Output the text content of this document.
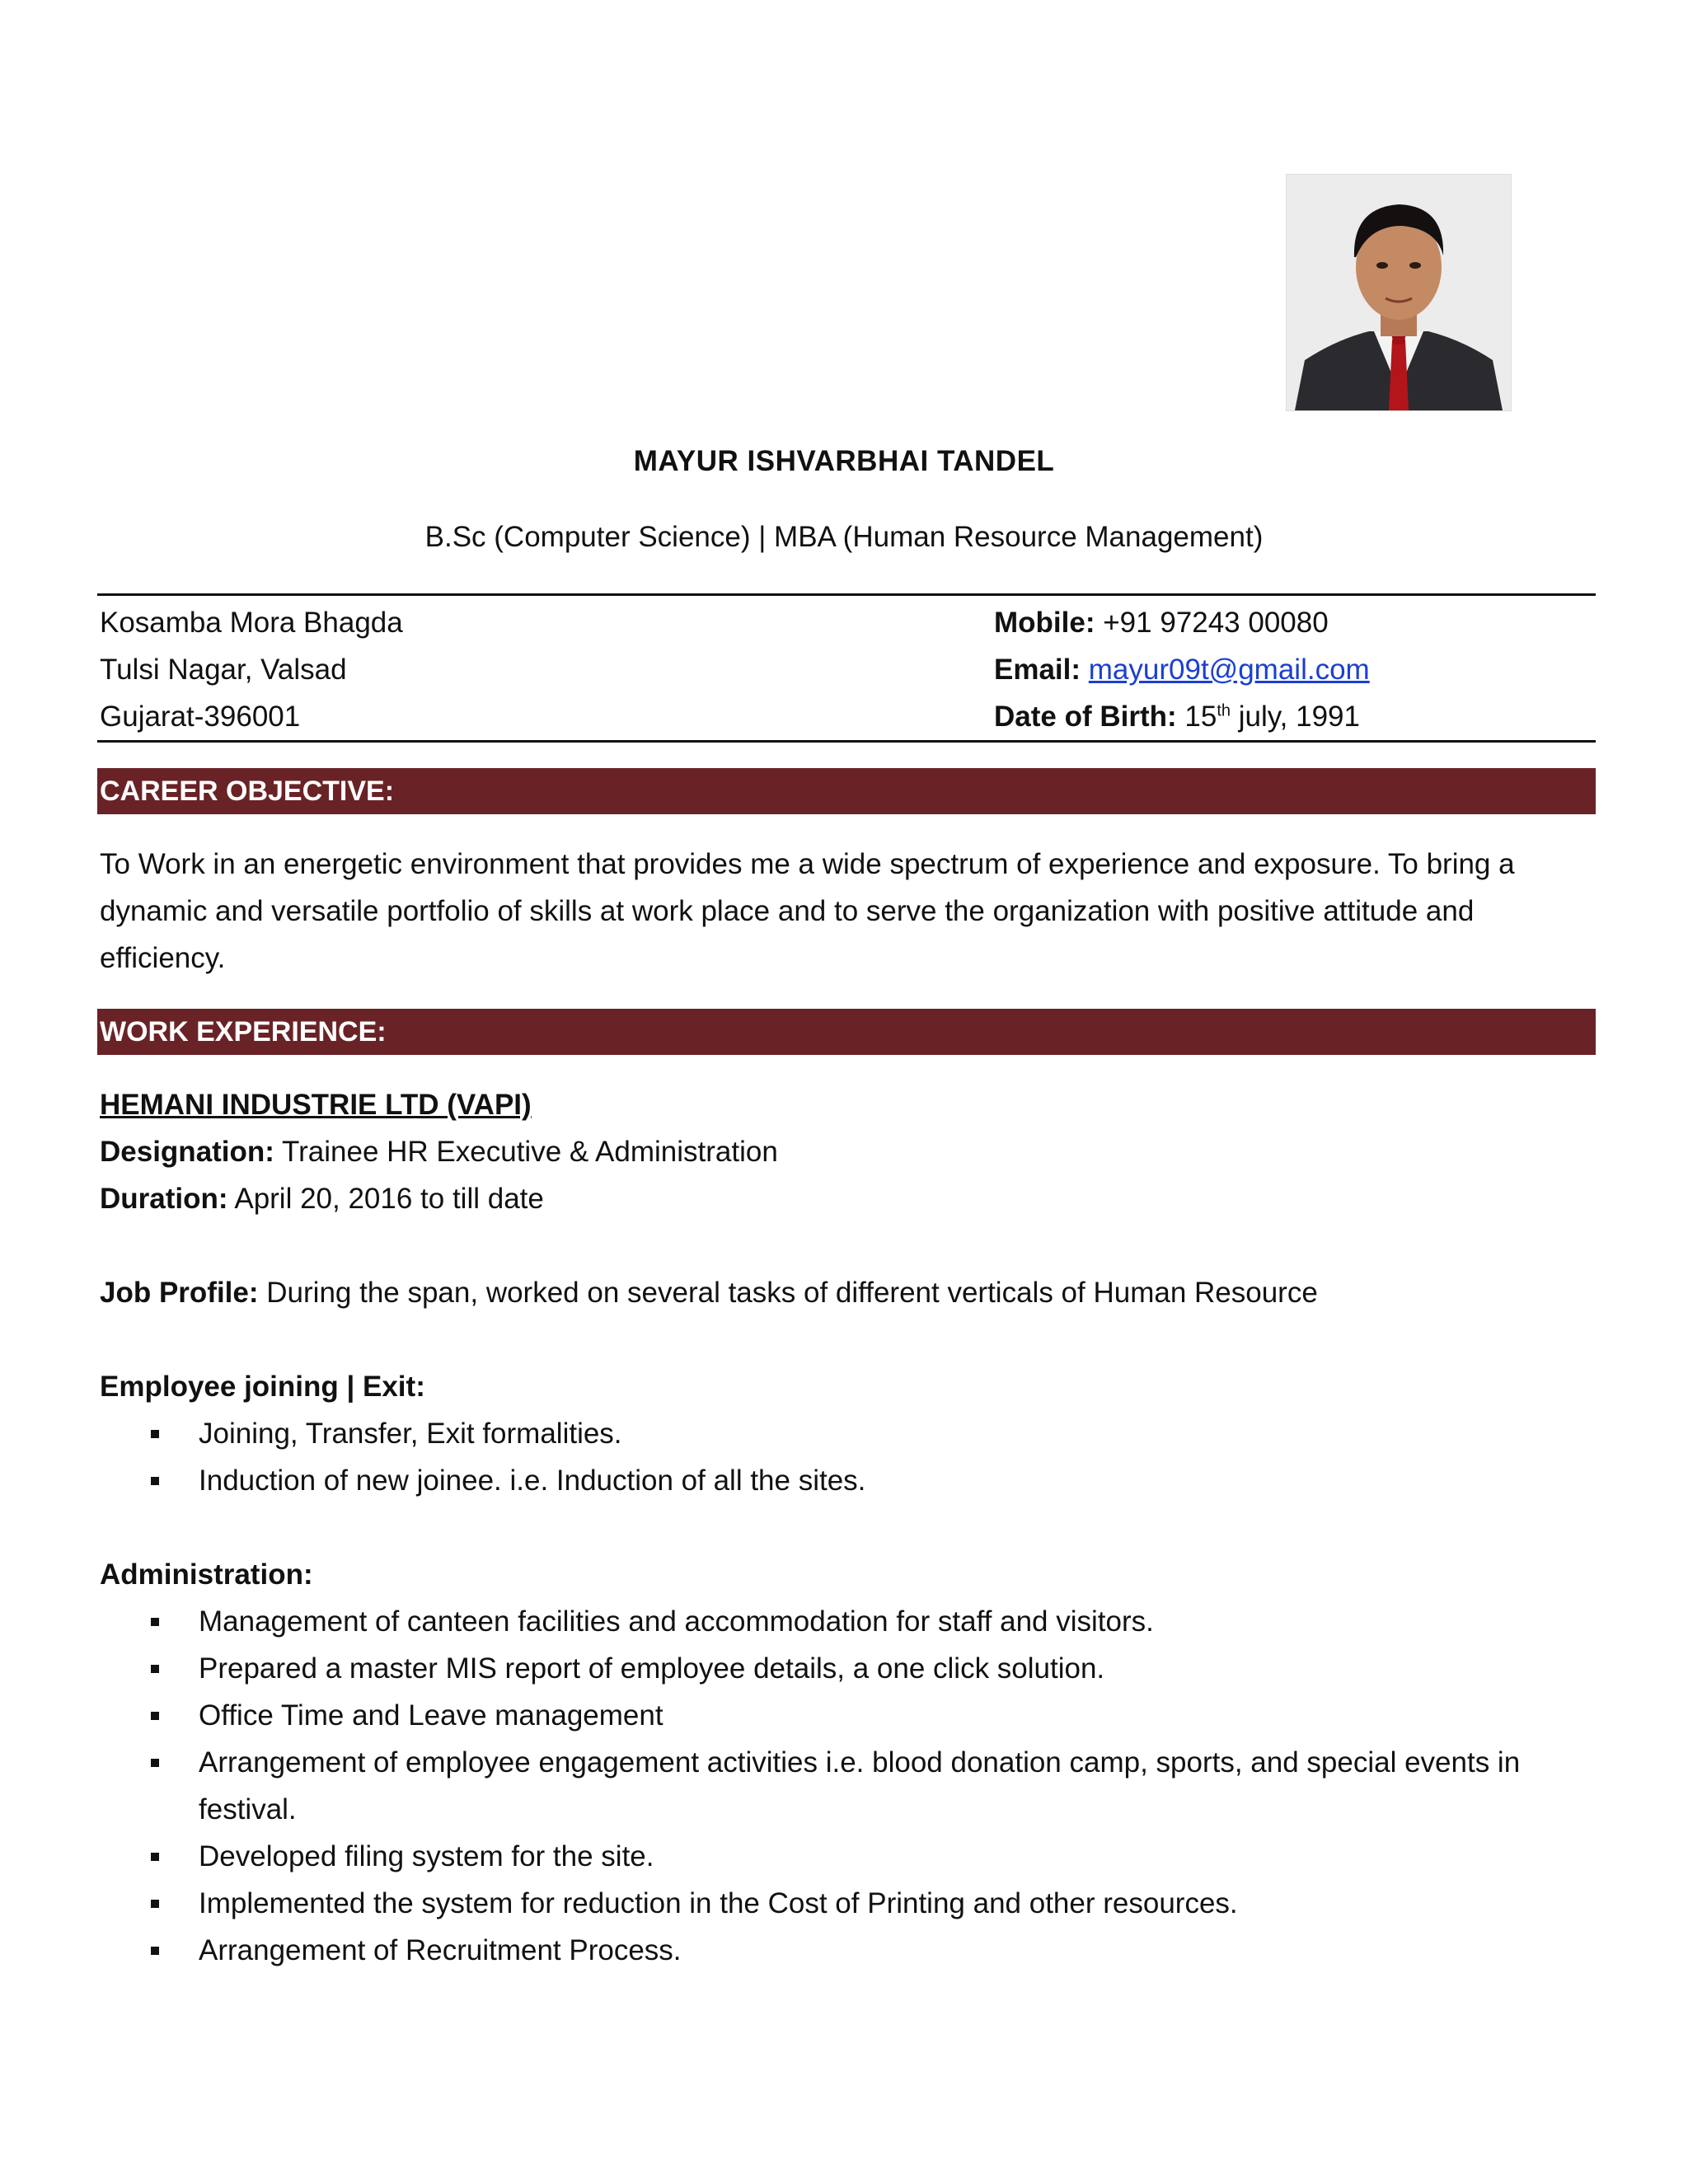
MAYUR ISHVARBHAI TANDEL
B.Sc (Computer Science) | MBA (Human Resource Management)
Kosamba Mora Bhagda
Tulsi Nagar, Valsad
Gujarat-396001
Mobile: +91 97243 00080
Email: mayur09t@gmail.com
Date of Birth: 15th july, 1991
CAREER OBJECTIVE:
To Work in an energetic environment that provides me a wide spectrum of experience and exposure. To bring a dynamic and versatile portfolio of skills at work place and to serve the organization with positive attitude and efficiency.
WORK EXPERIENCE:
HEMANI INDUSTRIE LTD (VAPI)
Designation: Trainee HR Executive & Administration
Duration: April 20, 2016 to till date
Job Profile: During the span, worked on several tasks of different verticals of Human Resource
Employee joining | Exit:
Joining, Transfer, Exit formalities.
Induction of new joinee. i.e. Induction of all the sites.
Administration:
Management of canteen facilities and accommodation for staff and visitors.
Prepared a master MIS report of employee details, a one click solution.
Office Time and Leave management
Arrangement of employee engagement activities i.e. blood donation camp, sports, and special events in festival.
Developed filing system for the site.
Implemented the system for reduction in the Cost of Printing and other resources.
Arrangement of Recruitment Process.
